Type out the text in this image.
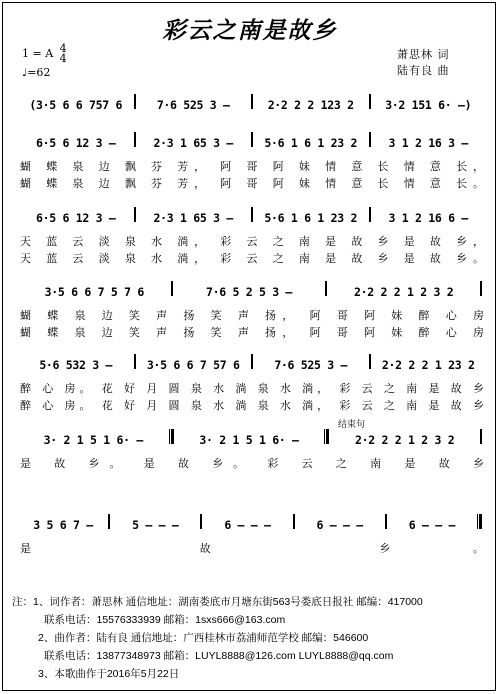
彩云之南是故乡
1 = A 4
4
♩=62
萧思林 词
陆有良 曲
(3·5 6 6 757 6	7·6 525 3 –	2·2 2 2 123 2	3·2 151 6· –)
6·5 6 12 3 –	2·3 1 65 3 –	5·6 1 6 1 23 2	3 1 2 16 3 –
蝴 蝶 泉 边 飘 芬 芳， 阿 哥 阿 妹 情 意 长 情 意 长，
蝴 蝶 泉 边 飘 芬 芳， 阿 哥 阿 妹 情 意 长 情 意 长。
6·5 6 12 3 –	2·3 1 65 3 –	5·6 1 6 1 23 2	3 1 2 16 6 –
天 蓝 云 淡 泉 水 淌， 彩 云 之 南 是 故 乡 是 故 乡，
天 蓝 云 淡 泉 水 淌， 彩 云 之 南 是 故 乡 是 故 乡。
3·5 6 6 7 5 7 6	7·6 5 2 5 3 –	2·2 2 2 1 2 3 2
蝴 蝶 泉 边 笑 声 扬 笑 声 扬， 阿 哥 阿 妹 醉 心 房
蝴 蝶 泉 边 笑 声 扬 笑 声 扬， 阿 哥 阿 妹 醉 心 房
5·6 532 3 –	3·5 6 6 7 57 6	7·6 525 3 –	2·2 2 2 1 23 2
醉 心 房。 花 好 月 圆 泉 水 淌 泉 水 淌， 彩 云 之 南 是 故 乡
醉 心 房。 花 好 月 圆 泉 水 淌 泉 水 淌， 彩 云 之 南 是 故 乡
3· 2 1 5 1 6· –	3· 2 1 5 1 6· –	2·2 2 2 1 2 3 2
是 故 乡。 是 故 乡。 彩 云 之 南 是 故 乡
结束句
3 5 6 7 –	5 – – –	6 – – –	6 – – –	6 – – –
是 故 乡。
注：1、词作者：萧思林 通信地址：湖南娄底市月塘东街563号娄底日报社 邮编：417000
联系电话：15576333939 邮箱：1sxs666@163.com
2、曲作者：陆有良 通信地址：广西桂林市荔浦师范学校 邮编：546600
联系电话：13877348973 邮箱：LUYL8888@126.com LUYL8888@qq.com
3、本歌曲作于2016年5月22日
